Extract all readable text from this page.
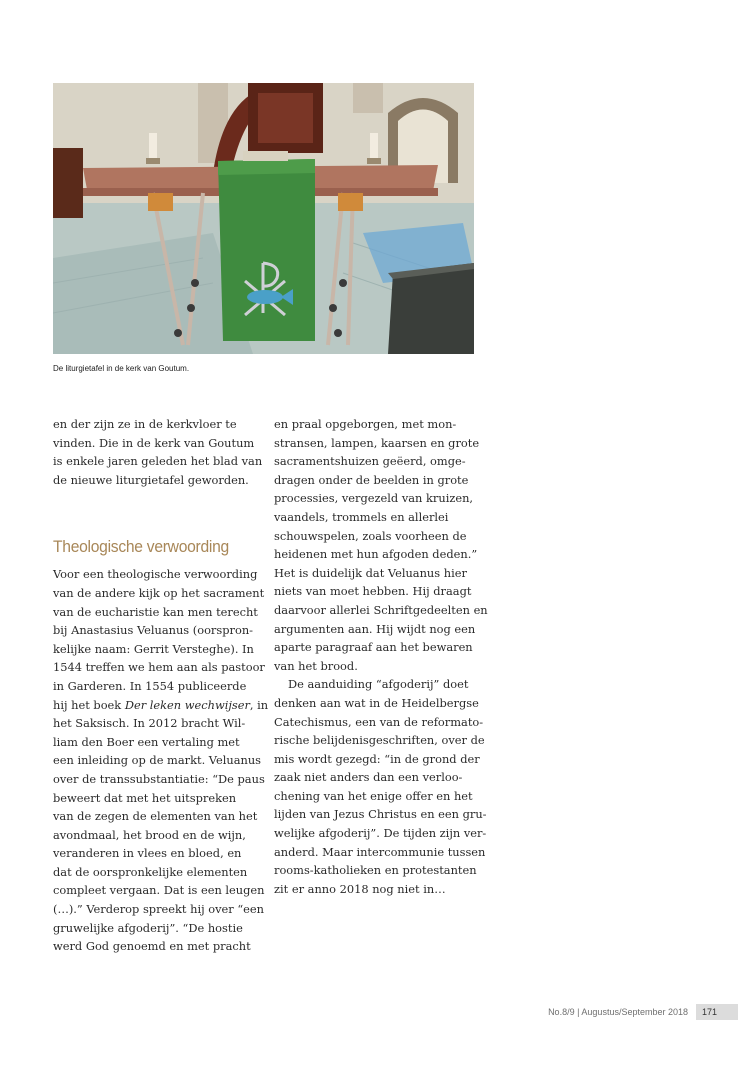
De liturgietafel in de kerk van Goutum.
en der zijn ze in de kerkvloer te
vinden. Die in de kerk van Goutum
is enkele jaren geleden het blad van
de nieuwe liturgietafel geworden.
Theologische verwoording
Voor een theologische verwoording
van de andere kijk op het sacrament
van de eucharistie kan men terecht
bij Anastasius Veluanus (oorspron-
kelijke naam: Gerrit Versteghe). In
1544 treffen we hem aan als pastoor
in Garderen. In 1554 publiceerde
hij het boek Der leken wechwijser, in
het Saksisch. In 2012 bracht Wil-
liam den Boer een vertaling met
een inleiding op de markt. Veluanus
over de transsubstantiatie: “De paus
beweert dat met het uitspreken
van de zegen de elementen van het
avondmaal, het brood en de wijn,
veranderen in vlees en bloed, en
dat de oorspronkelijke elementen
compleet vergaan. Dat is een leugen
(…).” Verderop spreekt hij over “een
gruwelijke afgoderij”. “De hostie
werd God genoemd en met pracht
en praal opgeborgen, met mon-
stransen, lampen, kaarsen en grote
sacramentshuizen geëerd, omge-
dragen onder de beelden in grote
processies, vergezeld van kruizen,
vaandels, trommels en allerlei
schouwspelen, zoals voorheen de
heidenen met hun afgoden deden.”
Het is duidelijk dat Veluanus hier
niets van moet hebben. Hij draagt
daarvoor allerlei Schriftgedeelten en
argumenten aan. Hij wijdt nog een
aparte paragraaf aan het bewaren
van het brood.
De aanduiding “afgoderij” doet
denken aan wat in de Heidelbergse
Catechismus, een van de reformato-
rische belijdenisgeschriften, over de
mis wordt gezegd: “in de grond der
zaak niet anders dan een verloo-
chening van het enige offer en het
lijden van Jezus Christus en een gru-
welijke afgoderij”. De tijden zijn ver-
anderd. Maar intercommunie tussen
rooms-katholieken en protestanten
zit er anno 2018 nog niet in…
No.8/9 | Augustus/September 2018	171
